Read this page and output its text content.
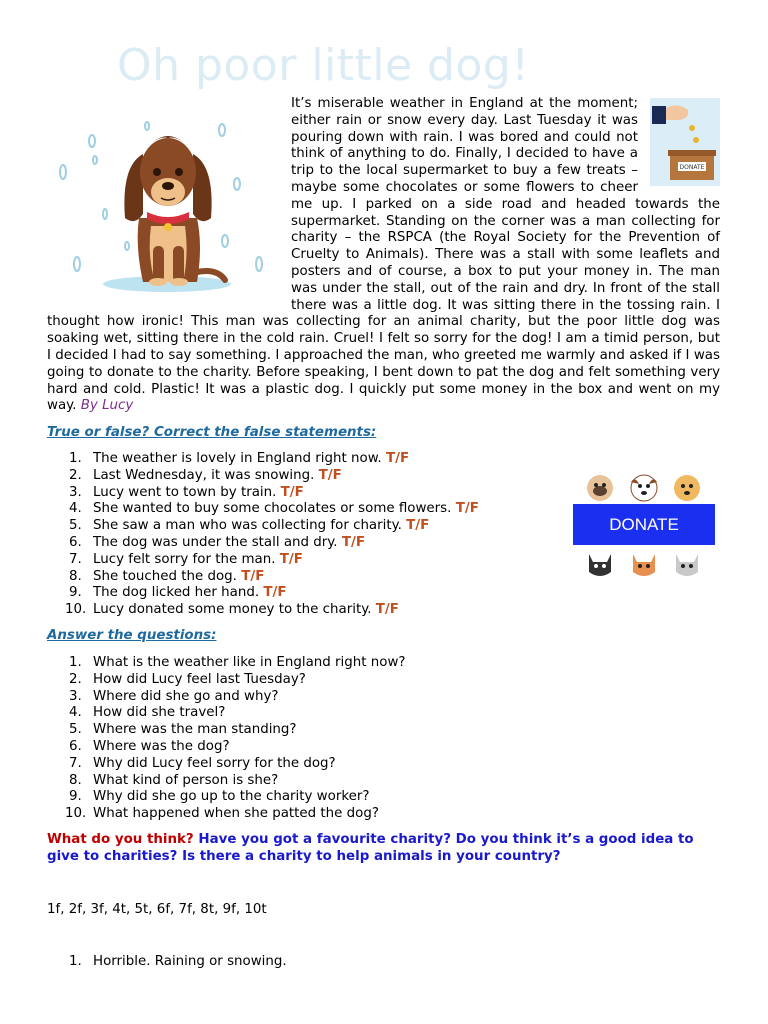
Oh poor little dog!
DONATE
It’s miserable weather in England at the moment; either rain or snow every day. Last Tuesday it was pouring down with rain. I was bored and could not think of anything to do. Finally, I decided to have a trip to the local supermarket to buy a few treats – maybe some chocolates or some flowers to cheer me up. I parked on a side road and headed towards the supermarket. Standing on the corner was a man collecting for charity – the RSPCA (the Royal Society for the Prevention of Cruelty to Animals). There was a stall with some leaflets and posters and of course, a box to put your money in. The man was under the stall, out of the rain and dry. In front of the stall there was a little dog. It was sitting there in the tossing rain. I thought how ironic! This man was collecting for an animal charity, but the poor little dog was soaking wet, sitting there in the cold rain. Cruel! I felt so sorry for the dog! I am a timid person, but I decided I had to say something. I approached the man, who greeted me warmly and asked if I was going to donate to the charity. Before speaking, I bent down to pat the dog and felt something very hard and cold. Plastic! It was a plastic dog. I quickly put some money in the box and went on my way. By Lucy
True or false? Correct the false statements:
1. The weather is lovely in England right now. T/F
2. Last Wednesday, it was snowing. T/F
3. Lucy went to town by train. T/F
4. She wanted to buy some chocolates or some flowers. T/F
5. She saw a man who was collecting for charity. T/F
6. The dog was under the stall and dry. T/F
7. Lucy felt sorry for the man. T/F
8. She touched the dog. T/F
9. The dog licked her hand. T/F
10. Lucy donated some money to the charity. T/F
DONATE
Answer the questions:
1. What is the weather like in England right now?
2. How did Lucy feel last Tuesday?
3. Where did she go and why?
4. How did she travel?
5. Where was the man standing?
6. Where was the dog?
7. Why did Lucy feel sorry for the dog?
8. What kind of person is she?
9. Why did she go up to the charity worker?
10. What happened when she patted the dog?
What do you think? Have you got a favourite charity? Do you think it’s a good idea to give to charities? Is there a charity to help animals in your country?
1f, 2f, 3f, 4t, 5t, 6f, 7f, 8t, 9f, 10t
1. Horrible. Raining or snowing.
